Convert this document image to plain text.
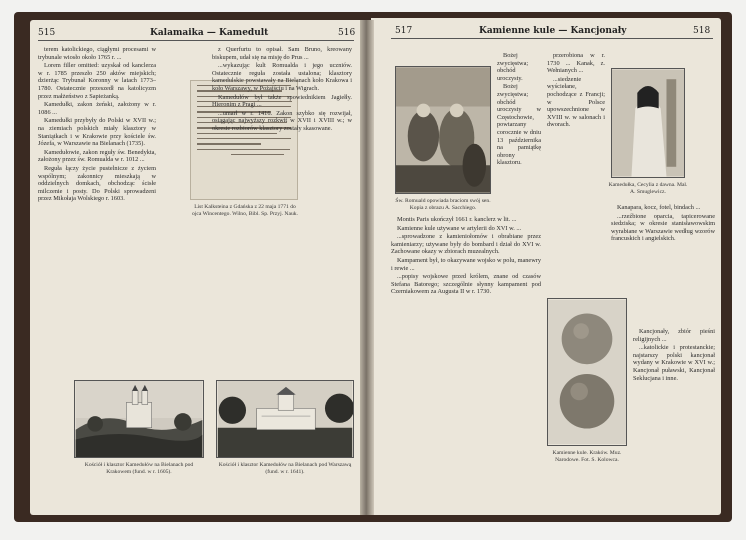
515	Kalamaika — Kamedult	516

terem katolickiego, ciągłymi procesami w trybunale wiosło około 1765 r. ...

Lorem filler omitted: uzyskał od kanclerza w r. 1785 przeszło 250 aktów miejskich; dzierżąc Trybunał Koronny w latach 1773–1780. Ostatecznie przeszedł na katolicyzm przez małżeństwo z Sapieżanką.

Kamedułki, zakon żeński, założony w r. 1086 ...

Kamedułki przybyły do Polski w XVII w.; na ziemiach polskich miały klasztory w Staniątkach i w Krakowie przy kościele św. Józefa, w Warszawie na Bielanach (1735).

Kamedułowie, zakon reguły św. Benedykta, założony przez św. Romualda w r. 1012 ...

Reguła łączy życie pustelnicze z życiem wspólnym; zakonnicy mieszkają w oddzielnych domkach, obchodząc ścisłe milczenie i posty. Do Polski sprowadzeni przez Mikołaja Wolskiego r. 1603.

List Kalksteina z Gdańska z 22 maja 1771 do ojca Wincentego. Wilno, Bibl. Sp. Przyj. Nauk.

z Querfurtu to opisał. Sam Bruno, kreowany biskupem, udał się na misję do Prus ...

...wykazując kult Romualda i jego uczniów. Ostatecznie reguła została ustalona; klasztory kamedulskie powstawały na Bielanach koło Krakowa i koło Warszawy, w Pożajściu i na Wigrach.

Kamedułów był także spowiednikiem Jagiełły. Hieronim z Pragi ...

...umarł w r. 1416. Zakon szybko się rozwijał, osiągając najwyższy rozkwit w XVII i XVIII w.; w okresie rozbiorów klasztory zostały skasowane.

Kościół i klasztor Kamedułów na Bielanach pod Krakowem (fund. w r. 1605).
Kościół i klasztor Kamedułów na Bielanach pod Warszawą (fund. w r. 1641).
517	Kamienne kule — Kancjonały	518
Św. Romuald opowiada braciom swój sen. Kopia z obrazu A. Sacchiego.

Bożej zwycięstwa; obchód uroczysty.

Bożej zwycięstwa; obchód uroczysty w Częstochowie, powtarzany corocznie w dniu 13 października na pamiątkę obrony klasztoru.

Montis Paris ukończył 1661 r. kanclerz w lit. ...

Kamienne kule używane w artylerii do XVI w. ...

...sprowadzone z kamieniołomów i obrabiane przez kamieniarzy; używane były do bombard i dział do XVI w. Zachowane okazy w zbiorach muzealnych.

Kampament był, to okazywane wojsko w polu, manewry i rewie ...

...popisy wojskowe przed królem, znane od czasów Stefana Batorego; szczególnie słynny kampament pod Czerniakowem za Augusta II w r. 1730.

przerobiona w r. 1730 ... Kanak, z. Wełnianych ...

...siedzenie wyściełane, pochodzące z Francji; w Polsce upowszechnione w XVIII w. w salonach i dworach.

Kamedułka, Cecylia z dawna. Mal. A. Smuglewicz.

Kanapara, kocz, fotel, bindach ...

...rzeźbione oparcia, tapicerowane siedziska; w okresie stanisławowskim wyrabiane w Warszawie według wzorów francuskich i angielskich.

Kamienne kule. Kraków. Muz. Narodowe. Fot. S. Kolowca.

Kancjonały, zbiór pieśni religijnych ...

...katolickie i protestanckie; najstarszy polski kancjonał wydany w Krakowie w XVI w.; Kancjonał puławski, Kancjonał Seklucjana i inne.
